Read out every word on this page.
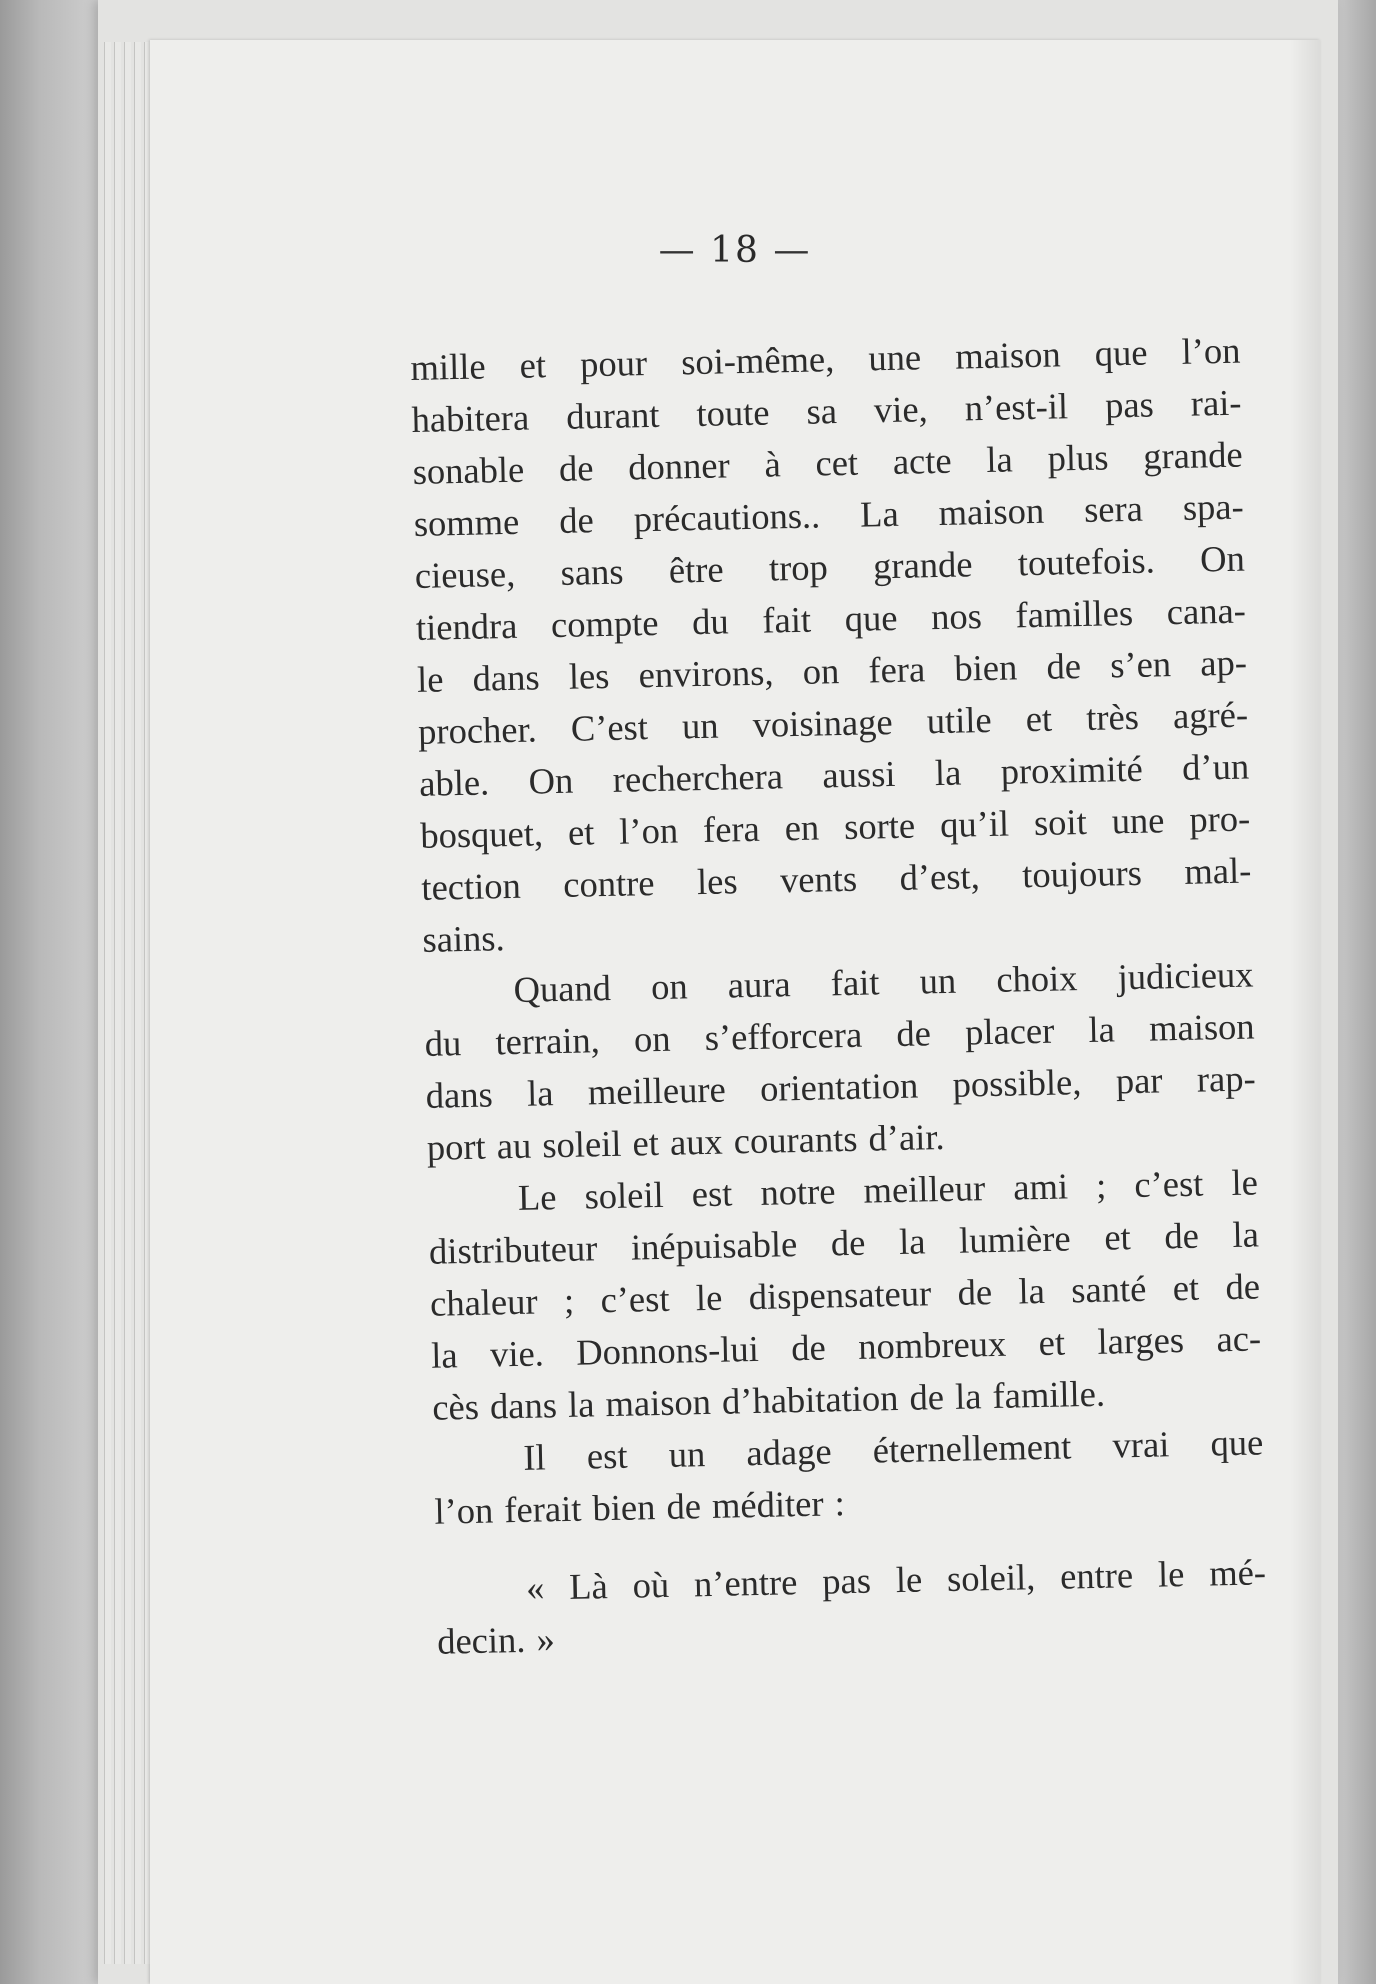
— 18 —

mille et pour soi-même, une maison que l’on
habitera durant toute sa vie, n’est-il pas rai-
sonable de donner à cet acte la plus grande
somme de précautions.. La maison sera spa-
cieuse, sans être trop grande toutefois. On
tiendra compte du fait que nos familles cana-
le dans les environs, on fera bien de s’en ap-
procher. C’est un voisinage utile et très agré-
able. On recherchera aussi la proximité d’un
bosquet, et l’on fera en sorte qu’il soit une pro-
tection contre les vents d’est, toujours mal-
sains.

Quand on aura fait un choix judicieux
du terrain, on s’efforcera de placer la maison
dans la meilleure orientation possible, par rap-
port au soleil et aux courants d’air.

Le soleil est notre meilleur ami ; c’est le
distributeur inépuisable de la lumière et de la
chaleur ; c’est le dispensateur de la santé et de
la vie. Donnons-lui de nombreux et larges ac-
cès dans la maison d’habitation de la famille.

Il est un adage éternellement vrai que
l’on ferait bien de méditer :

« Là où n’entre pas le soleil, entre le mé-
decin. »
